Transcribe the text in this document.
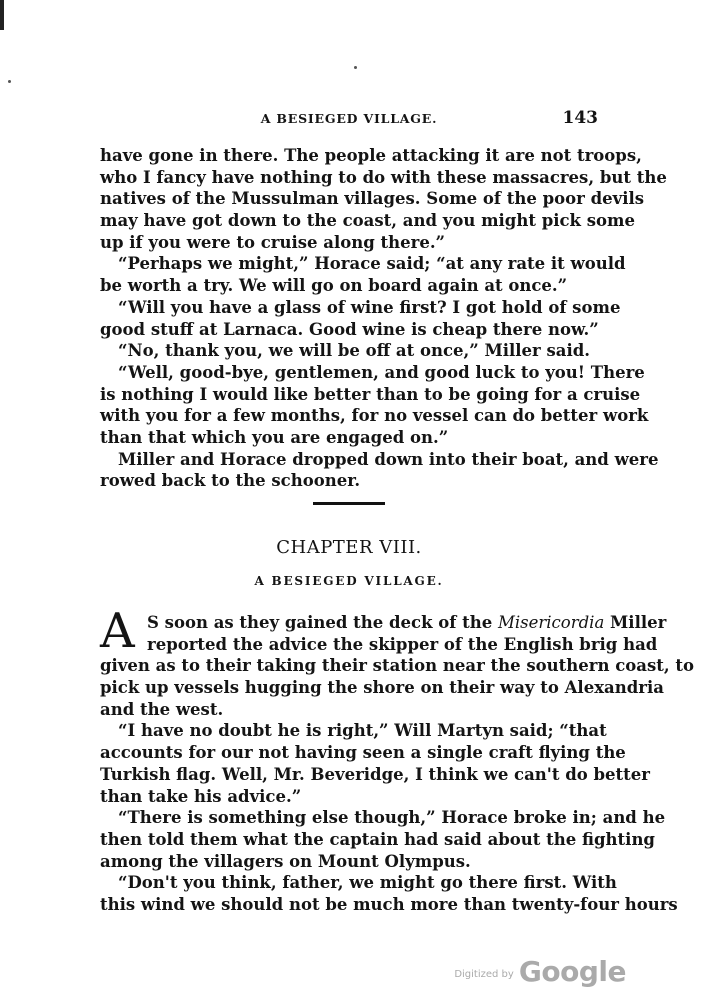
A BESIEGED VILLAGE.	143
have gone in there. The people attacking it are not troops,
who I fancy have nothing to do with these massacres, but the
natives of the Mussulman villages. Some of the poor devils
may have got down to the coast, and you might pick some
up if you were to cruise along there.”
“Perhaps we might,” Horace said; “at any rate it would
be worth a try. We will go on board again at once.”
“Will you have a glass of wine first? I got hold of some
good stuff at Larnaca. Good wine is cheap there now.”
“No, thank you, we will be off at once,” Miller said.
“Well, good-bye, gentlemen, and good luck to you! There
is nothing I would like better than to be going for a cruise
with you for a few months, for no vessel can do better work
than that which you are engaged on.”
Miller and Horace dropped down into their boat, and were
rowed back to the schooner.
CHAPTER VIII.
A BESIEGED VILLAGE.
A S soon as they gained the deck of the Misericordia Miller
reported the advice the skipper of the English brig had
given as to their taking their station near the southern coast, to
pick up vessels hugging the shore on their way to Alexandria
and the west.
“I have no doubt he is right,” Will Martyn said; “that
accounts for our not having seen a single craft flying the
Turkish flag. Well, Mr. Beveridge, I think we can't do better
than take his advice.”
“There is something else though,” Horace broke in; and he
then told them what the captain had said about the fighting
among the villagers on Mount Olympus.
“Don't you think, father, we might go there first. With
this wind we should not be much more than twenty-four hours
$^{Digitized by}$ Google
